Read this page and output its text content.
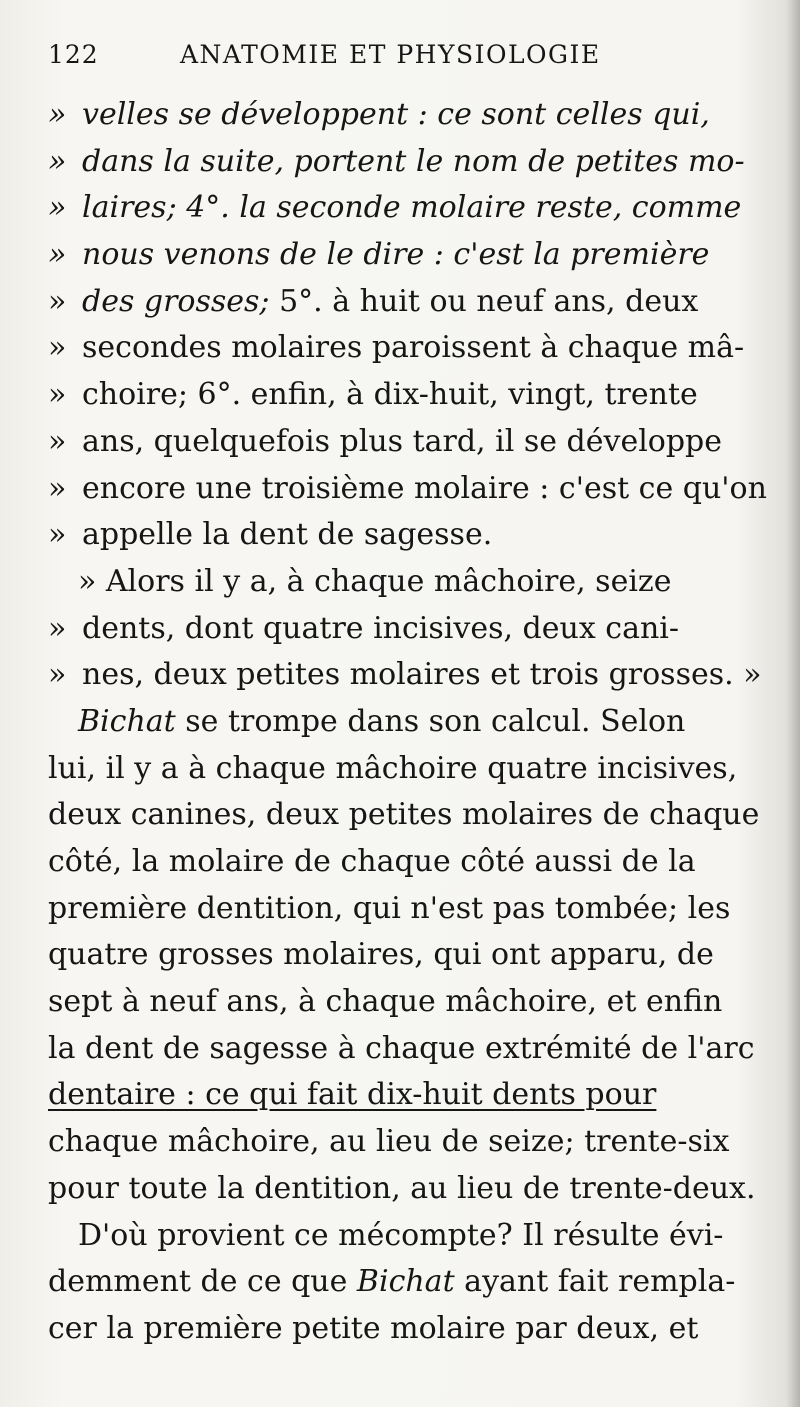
122	ANATOMIE ET PHYSIOLOGIE
» velles se développent : ce sont celles qui,
» dans la suite, portent le nom de petites mo-
» laires; 4°. la seconde molaire reste, comme
» nous venons de le dire : c'est la première
» des grosses; 5°. à huit ou neuf ans, deux
» secondes molaires paroissent à chaque mâ-
» choire; 6°. enfin, à dix-huit, vingt, trente
» ans, quelquefois plus tard, il se développe
» encore une troisième molaire : c'est ce qu'on
» appelle la dent de sagesse.
» Alors il y a, à chaque mâchoire, seize
» dents, dont quatre incisives, deux cani-
» nes, deux petites molaires et trois grosses. »
Bichat se trompe dans son calcul. Selon
lui, il y a à chaque mâchoire quatre incisives,
deux canines, deux petites molaires de chaque
côté, la molaire de chaque côté aussi de la
première dentition, qui n'est pas tombée; les
quatre grosses molaires, qui ont apparu, de
sept à neuf ans, à chaque mâchoire, et enfin
la dent de sagesse à chaque extrémité de l'arc
dentaire : ce qui fait dix-huit dents pour
chaque mâchoire, au lieu de seize; trente-six
pour toute la dentition, au lieu de trente-deux.
D'où provient ce mécompte? Il résulte évi-
demment de ce que Bichat ayant fait rempla-
cer la première petite molaire par deux, et
